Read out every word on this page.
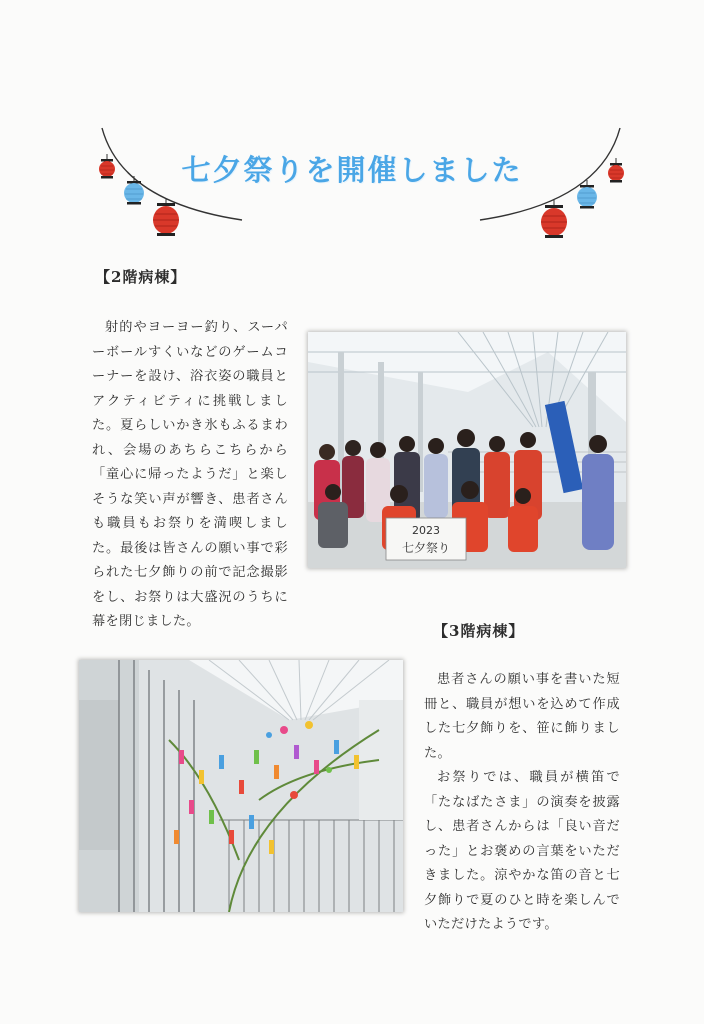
七夕祭りを開催しました
【2階病棟】
射的やヨーヨー釣り、スーパーボールすくいなどのゲームコーナーを設け、浴衣姿の職員とアクティビティに挑戦しました。夏らしいかき氷もふるまわれ、会場のあちらこちらから「童心に帰ったようだ」と楽しそうな笑い声が響き、患者さんも職員もお祭りを満喫しました。最後は皆さんの願い事で彩られた七夕飾りの前で記念撮影をし、お祭りは大盛況のうちに幕を閉じました。
2023
七夕祭り
【3階病棟】

患者さんの願い事を書いた短冊と、職員が想いを込めて作成した七夕飾りを、笹に飾りました。

お祭りでは、職員が横笛で「たなばたさま」の演奏を披露し、患者さんからは「良い音だった」とお褒めの言葉をいただきました。涼やかな笛の音と七夕飾りで夏のひと時を楽しんでいただけたようです。
